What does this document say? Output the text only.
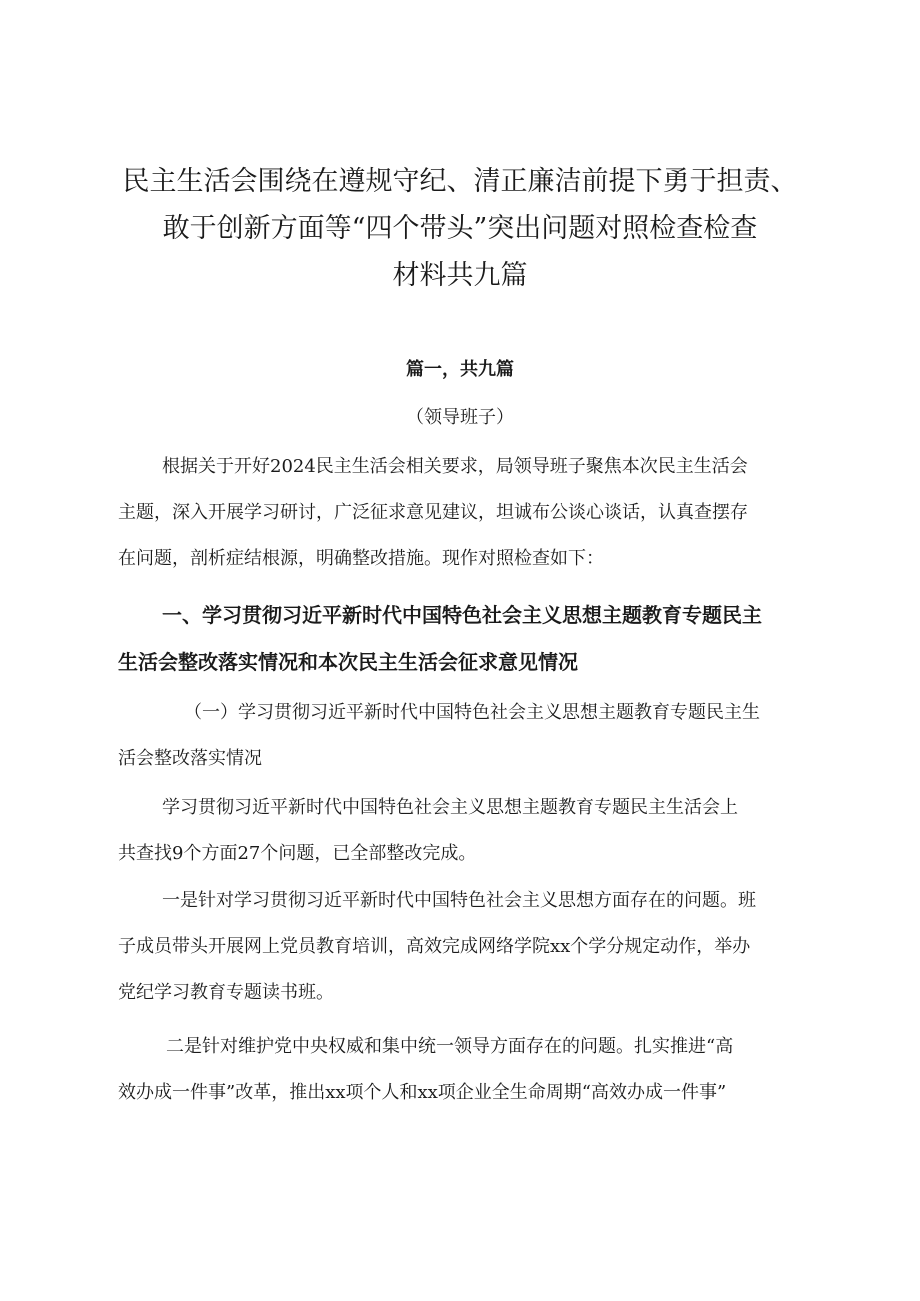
民主生活会围绕在遵规守纪、清正廉洁前提下勇于担责、
敢于创新方面等“四个带头”突出问题对照检查检查
材料共九篇

篇一，共九篇

（领导班子）

根据关于开好2024民主生活会相关要求，局领导班子聚焦本次民主生活会
主题，深入开展学习研讨，广泛征求意见建议，坦诚布公谈心谈话，认真查摆存
在问题，剖析症结根源，明确整改措施。现作对照检查如下：

一、学习贯彻习近平新时代中国特色社会主义思想主题教育专题民主
生活会整改落实情况和本次民主生活会征求意见情况

（一）学习贯彻习近平新时代中国特色社会主义思想主题教育专题民主生
活会整改落实情况

学习贯彻习近平新时代中国特色社会主义思想主题教育专题民主生活会上
共查找9个方面27个问题，已全部整改完成。

一是针对学习贯彻习近平新时代中国特色社会主义思想方面存在的问题。班
子成员带头开展网上党员教育培训，高效完成网络学院xx个学分规定动作，举办
党纪学习教育专题读书班。

二是针对维护党中央权威和集中统一领导方面存在的问题。扎实推进“高
效办成一件事”改革，推出xx项个人和xx项企业全生命周期“高效办成一件事”
